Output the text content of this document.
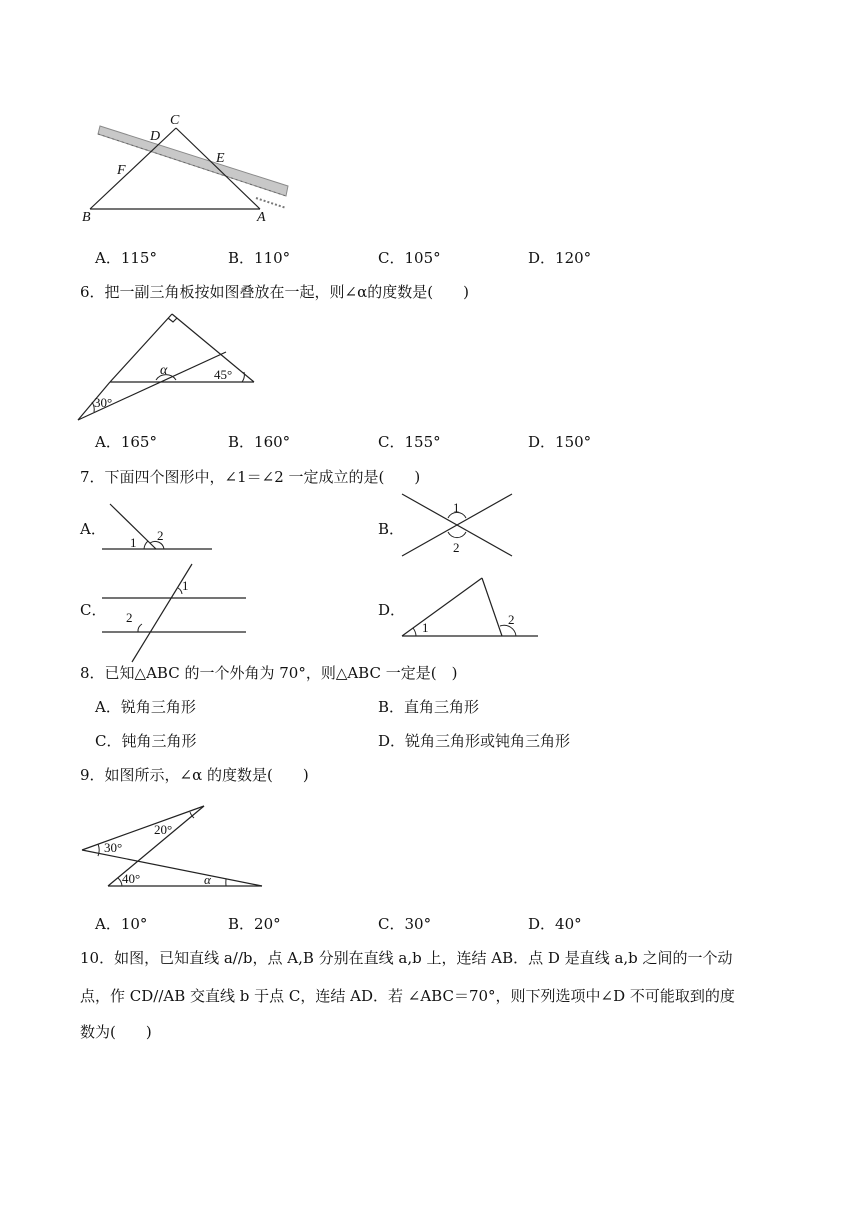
C
D
E
F
B	A
A．115°	B．110°	C．105°	D．120°
6．把一副三角板按如图叠放在一起，则∠α的度数是(　　)
α	45°
30°
A．165°	B．160°	C．155°	D．150°
7．下面四个图形中，∠1＝∠2 一定成立的是(　　)
A．
1 2	B．
1
2
C．
1
2	D．
1
2
8．已知△ABC 的一个外角为 70°，则△ABC 一定是(　)
A．锐角三角形	B．直角三角形
C．钝角三角形	D．锐角三角形或钝角三角形
9．如图所示，∠α 的度数是(　　)
20°
30°
40°	α
A．10°	B．20°	C．30°	D．40°
10．如图，已知直线 a//b，点 A,B 分别在直线 a,b 上，连结 AB．点 D 是直线 a,b 之间的一个动
点，作 CD//AB 交直线 b 于点 C，连结 AD．若 ∠ABC＝70°，则下列选项中∠D 不可能取到的度
数为(　　)
